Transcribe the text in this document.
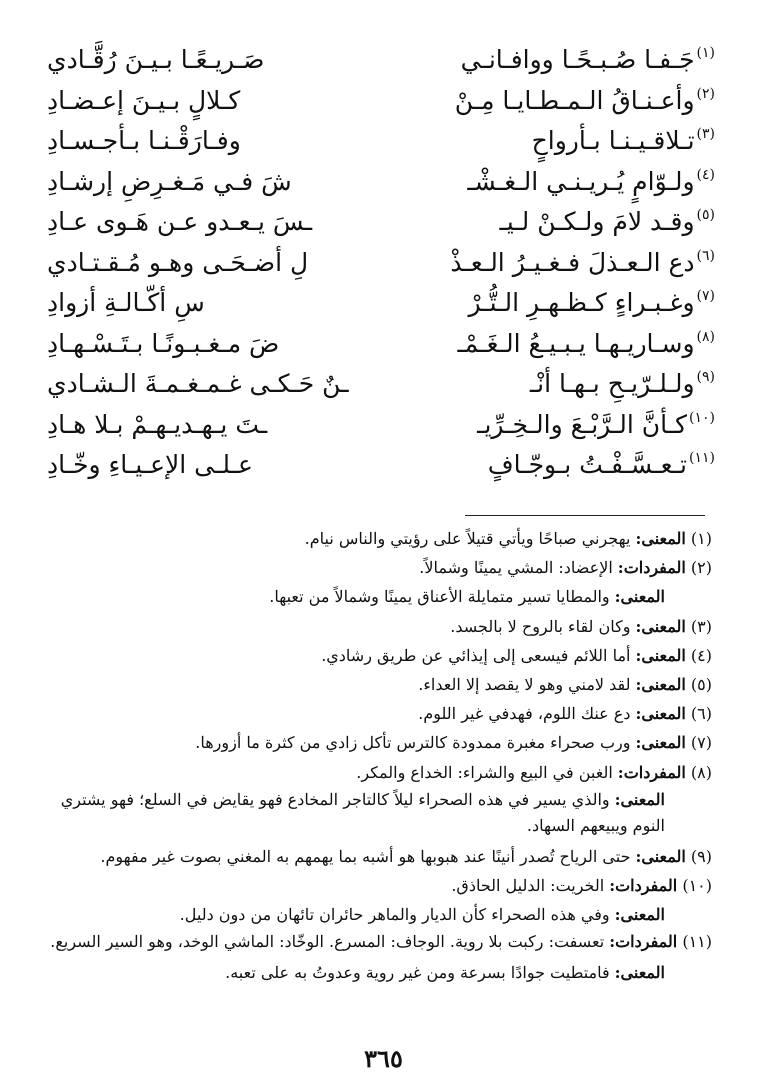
(١)
جَـفـا صُـبـحًـا ووافـانـي
صَـريـعًـا بـيـنَ رُقَّـادي
(٢)
وأعـنـاقُ الـمـطـايـا مِـنْ
كـلالٍ بـيـنَ إعـضـادِ
(٣)
تـلاقـيـنـا بـأرواحٍ
وفـارَقْـنـا بـأجـسـادِ
(٤)
ولـوّامٍ يُـريـنـي الـغـشْـ
شَ فـي مَـغـرِضِ إرشـادِ
(٥)
وقـد لامَ ولـكـنْ لـيـ
ـسَ يـعـدو عـن هَـوى عـادِ
(٦)
دع الـعـذلَ فـغـيـرُ الـعـذْ
لِ أضـحَـى وهـو مُـقـتـادي
(٧)
وغـبـراءٍ كـظـهـرِ الـتُّـرْ
سِ أكّـالـةِ أزوادِ
(٨)
وسـاريـهـا يـبـيـعُ الـغَـمْـ
ضَ مـغـبـونًـا بـتَـسْـهـادِ
(٩)
ولـلـرّيـحِ بـهـا أنْـ
ـنٌ حَـكـى غـمـغـمـةَ الـشـادي
(١٠)
كـأنَّ الـرَّبْـعَ والـخِـرِّيـ
ـتَ يـهـديـهـمْ بـلا هـادِ
(١١)
تـعـسَّـفْـتُ بـوجّـافٍ
عـلـى الإعـيـاءِ وخّـادِ
(١) المعنى:يهجرني صباحًا ويأتي قتيلاً على رؤيتي والناس نيام.
(٢) المفردات:الإعضاد: المشي يمينًا وشمالاً.
المعنى:والمطايا تسير متمايلة الأعناق يمينًا وشمالاً من تعبها.
(٣) المعنى:وكان لقاء بالروح لا بالجسد.
(٤) المعنى:أما اللائم فيسعى إلى إيذائي عن طريق رشادي.
(٥) المعنى:لقد لامني وهو لا يقصد إلا العداء.
(٦) المعنى:دع عنك اللوم، فهدفي غير اللوم.
(٧) المعنى:ورب صحراء مغبرة ممدودة كالترس تأكل زادي من كثرة ما أزورها.
(٨) المفردات:الغبن في البيع والشراء: الخداع والمكر.
المعنى:والذي يسير في هذه الصحراء ليلاً كالتاجر المخادع فهو يقايض في السلع؛ فهو يشتري النوم ويبيعهم السهاد.
(٩) المعنى:حتى الرياح تُصدر أنينًا عند هبوبها هو أشبه بما يهمهم به المغني بصوت غير مفهوم.
(١٠) المفردات:الخريت: الدليل الحاذق.
المعنى:وفي هذه الصحراء كأن الديار والماهر حائران تائهان من دون دليل.
(١١) المفردات:تعسفت: ركبت بلا روية. الوجاف: المسرع. الوخّاد: الماشي الوخد، وهو السير السريع.
المعنى:فامتطيت جوادًا بسرعة ومن غير روية وعدوتُ به على تعبه.
٣٦٥
